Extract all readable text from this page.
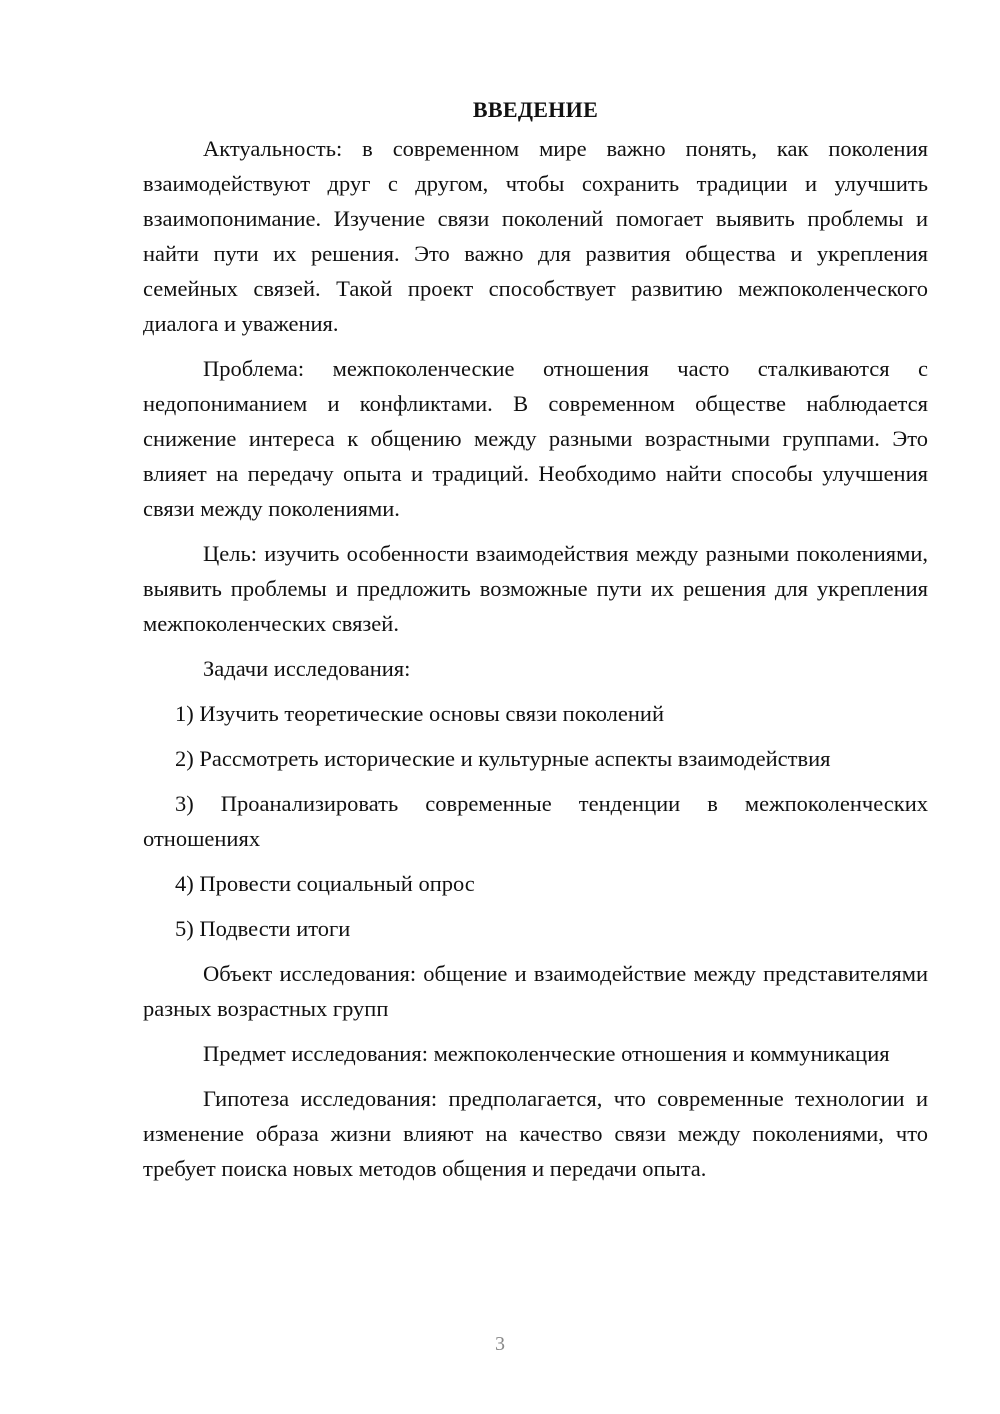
ВВЕДЕНИЕ

Актуальность: в современном мире важно понять, как поколения взаимодействуют друг с другом, чтобы сохранить традиции и улучшить взаимопонимание. Изучение связи поколений помогает выявить проблемы и найти пути их решения. Это важно для развития общества и укрепления семейных связей. Такой проект способствует развитию межпоколенческого диалога и уважения.

Проблема: межпоколенческие отношения часто сталкиваются с недопониманием и конфликтами. В современном обществе наблюдается снижение интереса к общению между разными возрастными группами. Это влияет на передачу опыта и традиций. Необходимо найти способы улучшения связи между поколениями.

Цель: изучить особенности взаимодействия между разными поколениями, выявить проблемы и предложить возможные пути их решения для укрепления межпоколенческих связей.

Задачи исследования:

1) Изучить теоретические основы связи поколений

2) Рассмотреть исторические и культурные аспекты взаимодействия

3) Проанализировать современные тенденции в межпоколенческих отношениях

4) Провести социальный опрос

5) Подвести итоги

Объект исследования: общение и взаимодействие между представителями разных возрастных групп

Предмет исследования: межпоколенческие отношения и коммуникация

Гипотеза исследования: предполагается, что современные технологии и изменение образа жизни влияют на качество связи между поколениями, что требует поиска новых методов общения и передачи опыта.

3
